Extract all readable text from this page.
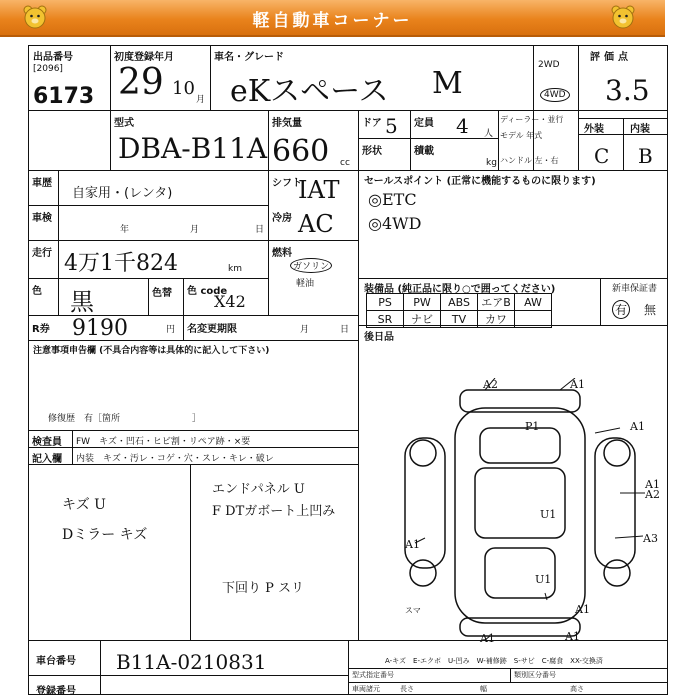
軽自動車コーナー
出品番号
[2096]
6173
初度登録年月
29 10
月
車名・グレード
eKスペース M
2WD
4WD
評価点
3.5
型式
DBA-B11A
排気量
660 cc
ドア 5 定員 4 人
形状	積載
kg
ディーラー・並行
モデル 年式
ハンドル 左・右
外装	内装
C B
車歴
自家用・(レンタ)
車検
年	月	日
走行 4万1千824	km
色 黒	色替 色 code
X42
シフト
IAT
冷房 AC
燃料
ガソリン
軽油
R券 9190	円 名変更期限	月	日
注意事項申告欄 (不具合内容等は具体的に記入して下さい)
修復歴　有［箇所　　　　　　　　］
検査員
記入欄
FW　キズ・凹石・ヒビ割・リペア跡・×要
内装　キズ・汚レ・コゲ・穴・スレ・キレ・破レ
キズ U
Dミラー キズ
エンドパネル U
F DTガボート上凹み
下回り P スリ
セールスポイント (正常に機能するものに限ります)
◎ETC
◎4WD
装備品 (純正品に限り○で囲ってください)	新車保証書
有 無
PS	PW	ABS	エアB	AW
SR	ナビ	TV	カワ	
後日品
A2	A1
P1	A1
A1
A2
U1
A3
A1
U1
A1
A1	A1
スマ
車台番号 B11A-0210831
登録番号
A-キズ　E-エクボ　U-凹み　W-補修跡　S-サビ　C-腐食　XX-交換済
型式指定番号	類別区分番号
車両諸元	長さ	幅	高さ
